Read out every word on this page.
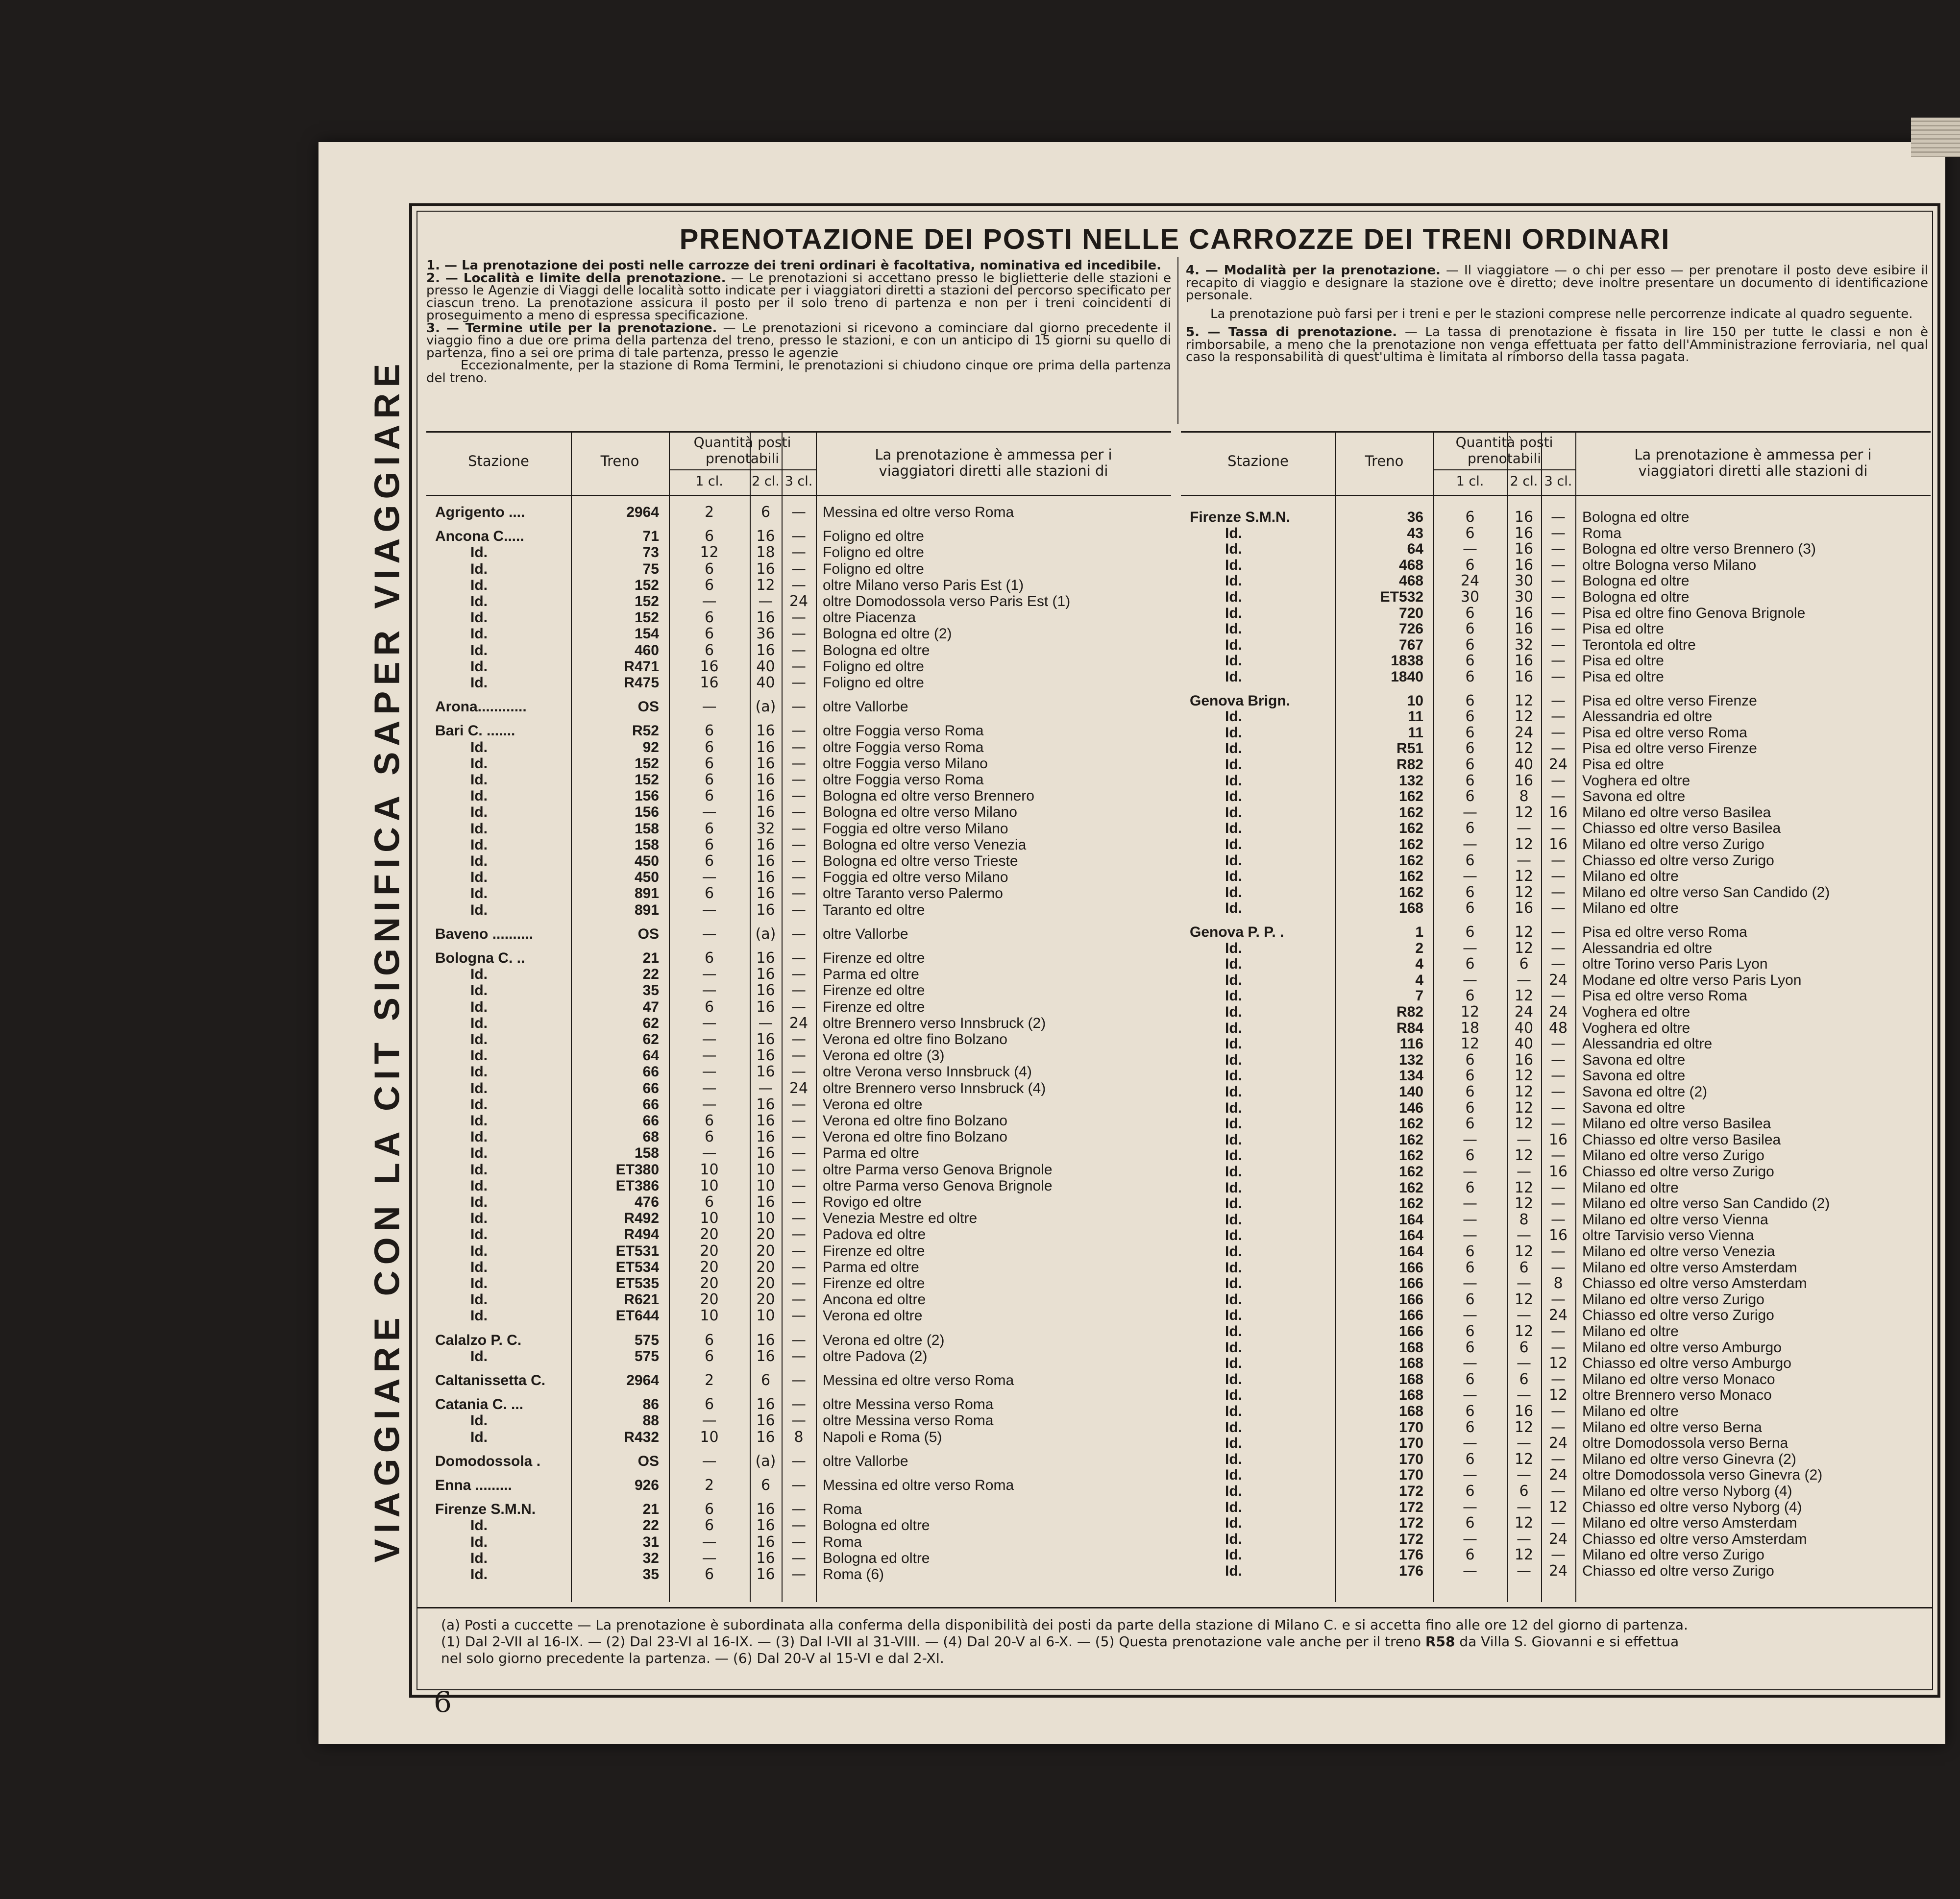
VIAGGIARE CON LA CIT SIGNIFICA SAPER VIAGGIARE
PRENOTAZIONE DEI POSTI NELLE CARROZZE DEI TRENI ORDINARI

1. — La prenotazione dei posti nelle carrozze dei treni ordinari è facoltativa, nominativa ed incedibile.

2. — Località e limite della prenotazione. — Le prenotazioni si accettano presso le biglietterie delle stazioni e presso le Agenzie di Viaggi delle località sotto indicate per i viaggiatori diretti a stazioni del percorso specificato per ciascun treno. La prenotazione assicura il posto per il solo treno di partenza e non per i treni coincidenti di proseguimento a meno di espressa specificazione.

3. — Termine utile per la prenotazione. — Le prenotazioni si ricevono a cominciare dal giorno precedente il viaggio fino a due ore prima della partenza del treno, presso le stazioni, e con un anticipo di 15 giorni su quello di partenza, fino a sei ore prima di tale partenza, presso le agenzie

Eccezionalmente, per la stazione di Roma Termini, le prenotazioni si chiudono cinque ore prima della partenza del treno.

4. — Modalità per la prenotazione. — Il viaggiatore — o chi per esso — per prenotare il posto deve esibire il recapito di viaggio e designare la stazione ove è diretto; deve inoltre presentare un documento di identificazione personale.

La prenotazione può farsi per i treni e per le stazioni comprese nelle percorrenze indicate al quadro seguente.

5. — Tassa di prenotazione. — La tassa di prenotazione è fissata in lire 150 per tutte le classi e non è rimborsabile, a meno che la prenotazione non venga effettuata per fatto dell'Amministrazione ferroviaria, nel qual caso la responsabilità di quest'ultima è limitata al rimborso della tassa pagata.

Stazione	Treno
Quantità posti prenotabili
1 cl.	2 cl. 3 cl.
La prenotazione è ammessa per i viaggiatori diretti alle stazioni di
Agrigento ....	2964	2	6	—	Messina ed oltre verso Roma
Ancona C.....	71	6	16	—	Foligno ed oltre
Id.	73	12	18	—	Foligno ed oltre
Id.	75	6	16	—	Foligno ed oltre
Id.	152	6	12	—	oltre Milano verso Paris Est (1)
Id.	152	—	—	24 oltre Domodossola verso Paris Est (1)
Id.	152	6	16	—	oltre Piacenza
Id.	154	6	36	—	Bologna ed oltre (2)
Id.	460	6	16	—	Bologna ed oltre
Id.	R471	16	40	—	Foligno ed oltre
Id.	R475	16	40	—	Foligno ed oltre
Arona............	OS	—	(a)	—	oltre Vallorbe
Bari C. .......	R52	6	16	—	oltre Foggia verso Roma
Id.	92	6	16	—	oltre Foggia verso Roma
Id.	152	6	16	—	oltre Foggia verso Milano
Id.	152	6	16	—	oltre Foggia verso Roma
Id.	156	6	16	—	Bologna ed oltre verso Brennero
Id.	156	—	16	—	Bologna ed oltre verso Milano
Id.	158	6	32	—	Foggia ed oltre verso Milano
Id.	158	6	16	—	Bologna ed oltre verso Venezia
Id.	450	6	16	—	Bologna ed oltre verso Trieste
Id.	450	—	16	—	Foggia ed oltre verso Milano
Id.	891	6	16	—	oltre Taranto verso Palermo
Id.	891	—	16	—	Taranto ed oltre
Baveno ..........	OS	—	(a)	—	oltre Vallorbe
Bologna C. ..	21	6	16	—	Firenze ed oltre
Id.	22	—	16	—	Parma ed oltre
Id.	35	—	16	—	Firenze ed oltre
Id.	47	6	16	—	Firenze ed oltre
Id.	62	—	—	24 oltre Brennero verso Innsbruck (2)
Id.	62	—	16	—	Verona ed oltre fino Bolzano
Id.	64	—	16	—	Verona ed oltre (3)
Id.	66	—	16	—	oltre Verona verso Innsbruck (4)
Id.	66	—	—	24 oltre Brennero verso Innsbruck (4)
Id.	66	—	16	—	Verona ed oltre
Id.	66	6	16	—	Verona ed oltre fino Bolzano
Id.	68	6	16	—	Verona ed oltre fino Bolzano
Id.	158	—	16	—	Parma ed oltre
Id.	ET380	10	10	—	oltre Parma verso Genova Brignole
Id.	ET386	10	10	—	oltre Parma verso Genova Brignole
Id.	476	6	16	—	Rovigo ed oltre
Id.	R492	10	10	—	Venezia Mestre ed oltre
Id.	R494	20	20	—	Padova ed oltre
Id.	ET531	20	20	—	Firenze ed oltre
Id.	ET534	20	20	—	Parma ed oltre
Id.	ET535	20	20	—	Firenze ed oltre
Id.	R621	20	20	—	Ancona ed oltre
Id.	ET644	10	10	—	Verona ed oltre
Calalzo P. C.	575	6	16	—	Verona ed oltre (2)
Id.	575	6	16	—	oltre Padova (2)
Caltanissetta C.	2964	2	6	—	Messina ed oltre verso Roma
Catania C. ...	86	6	16	—	oltre Messina verso Roma
Id.	88	—	16	—	oltre Messina verso Roma
Id.	R432	10	16	8	Napoli e Roma (5)
Domodossola .	OS	—	(a)	—	oltre Vallorbe
Enna .........	926	2	6	—	Messina ed oltre verso Roma
Firenze S.M.N.	21	6	16	—	Roma
Id.	22	6	16	—	Bologna ed oltre
Id.	31	—	16	—	Roma
Id.	32	—	16	—	Bologna ed oltre
Id.	35	6	16	—	Roma (6)
Stazione	Treno
Quantità posti prenotabili
1 cl.	2 cl. 3 cl.
La prenotazione è ammessa per i viaggiatori diretti alle stazioni di
Firenze S.M.N.	36	6	16	—	Bologna ed oltre
Id.	43	6	16	—	Roma
Id.	64	—	16	—	Bologna ed oltre verso Brennero (3)
Id.	468	6	16	—	oltre Bologna verso Milano
Id.	468	24	30	—	Bologna ed oltre
Id.	ET532	30	30	—	Bologna ed oltre
Id.	720	6	16	—	Pisa ed oltre fino Genova Brignole
Id.	726	6	16	—	Pisa ed oltre
Id.	767	6	32	—	Terontola ed oltre
Id.	1838	6	16	—	Pisa ed oltre
Id.	1840	6	16	—	Pisa ed oltre
Genova Brign.	10	6	12	—	Pisa ed oltre verso Firenze
Id.	11	6	12	—	Alessandria ed oltre
Id.	11	6	24	—	Pisa ed oltre verso Roma
Id.	R51	6	12	—	Pisa ed oltre verso Firenze
Id.	R82	6	40	24 Pisa ed oltre
Id.	132	6	16	—	Voghera ed oltre
Id.	162	6	8	—	Savona ed oltre
Id.	162	—	12	16 Milano ed oltre verso Basilea
Id.	162	6	—	—	Chiasso ed oltre verso Basilea
Id.	162	—	12	16 Milano ed oltre verso Zurigo
Id.	162	6	—	—	Chiasso ed oltre verso Zurigo
Id.	162	—	12	—	Milano ed oltre
Id.	162	6	12	—	Milano ed oltre verso San Candido (2)
Id.	168	6	16	—	Milano ed oltre
Genova P. P. .	1	6	12	—	Pisa ed oltre verso Roma
Id.	2	—	12	—	Alessandria ed oltre
Id.	4	6	6	—	oltre Torino verso Paris Lyon
Id.	4	—	—	24 Modane ed oltre verso Paris Lyon
Id.	7	6	12	—	Pisa ed oltre verso Roma
Id.	R82	12	24	24 Voghera ed oltre
Id.	R84	18	40	48 Voghera ed oltre
Id.	116	12	40	—	Alessandria ed oltre
Id.	132	6	16	—	Savona ed oltre
Id.	134	6	12	—	Savona ed oltre
Id.	140	6	12	—	Savona ed oltre (2)
Id.	146	6	12	—	Savona ed oltre
Id.	162	6	12	—	Milano ed oltre verso Basilea
Id.	162	—	—	16 Chiasso ed oltre verso Basilea
Id.	162	6	12	—	Milano ed oltre verso Zurigo
Id.	162	—	—	16 Chiasso ed oltre verso Zurigo
Id.	162	6	12	—	Milano ed oltre
Id.	162	—	12	—	Milano ed oltre verso San Candido (2)
Id.	164	—	8	—	Milano ed oltre verso Vienna
Id.	164	—	—	16 oltre Tarvisio verso Vienna
Id.	164	6	12	—	Milano ed oltre verso Venezia
Id.	166	6	6	—	Milano ed oltre verso Amsterdam
Id.	166	—	—	8	Chiasso ed oltre verso Amsterdam
Id.	166	6	12	—	Milano ed oltre verso Zurigo
Id.	166	—	—	24 Chiasso ed oltre verso Zurigo
Id.	166	6	12	—	Milano ed oltre
Id.	168	6	6	—	Milano ed oltre verso Amburgo
Id.	168	—	—	12 Chiasso ed oltre verso Amburgo
Id.	168	6	6	—	Milano ed oltre verso Monaco
Id.	168	—	—	12 oltre Brennero verso Monaco
Id.	168	6	16	—	Milano ed oltre
Id.	170	6	12	—	Milano ed oltre verso Berna
Id.	170	—	—	24 oltre Domodossola verso Berna
Id.	170	6	12	—	Milano ed oltre verso Ginevra (2)
Id.	170	—	—	24 oltre Domodossola verso Ginevra (2)
Id.	172	6	6	—	Milano ed oltre verso Nyborg (4)
Id.	172	—	—	12 Chiasso ed oltre verso Nyborg (4)
Id.	172	6	12	—	Milano ed oltre verso Amsterdam
Id.	172	—	—	24 Chiasso ed oltre verso Amsterdam
Id.	176	6	12	—	Milano ed oltre verso Zurigo
Id.	176	—	—	24 Chiasso ed oltre verso Zurigo

(a) Posti a cuccette — La prenotazione è subordinata alla conferma della disponibilità dei posti da parte della stazione di Milano C. e si accetta fino alle ore 12 del giorno di partenza.

(1) Dal 2-VII al 16-IX. — (2) Dal 23-VI al 16-IX. — (3) Dal I-VII al 31-VIII. — (4) Dal 20-V al 6-X. — (5) Questa prenotazione vale anche per il treno R58 da Villa S. Giovanni e si effettua

nel solo giorno precedente la partenza. — (6) Dal 20-V al 15-VI e dal 2-XI.

6
